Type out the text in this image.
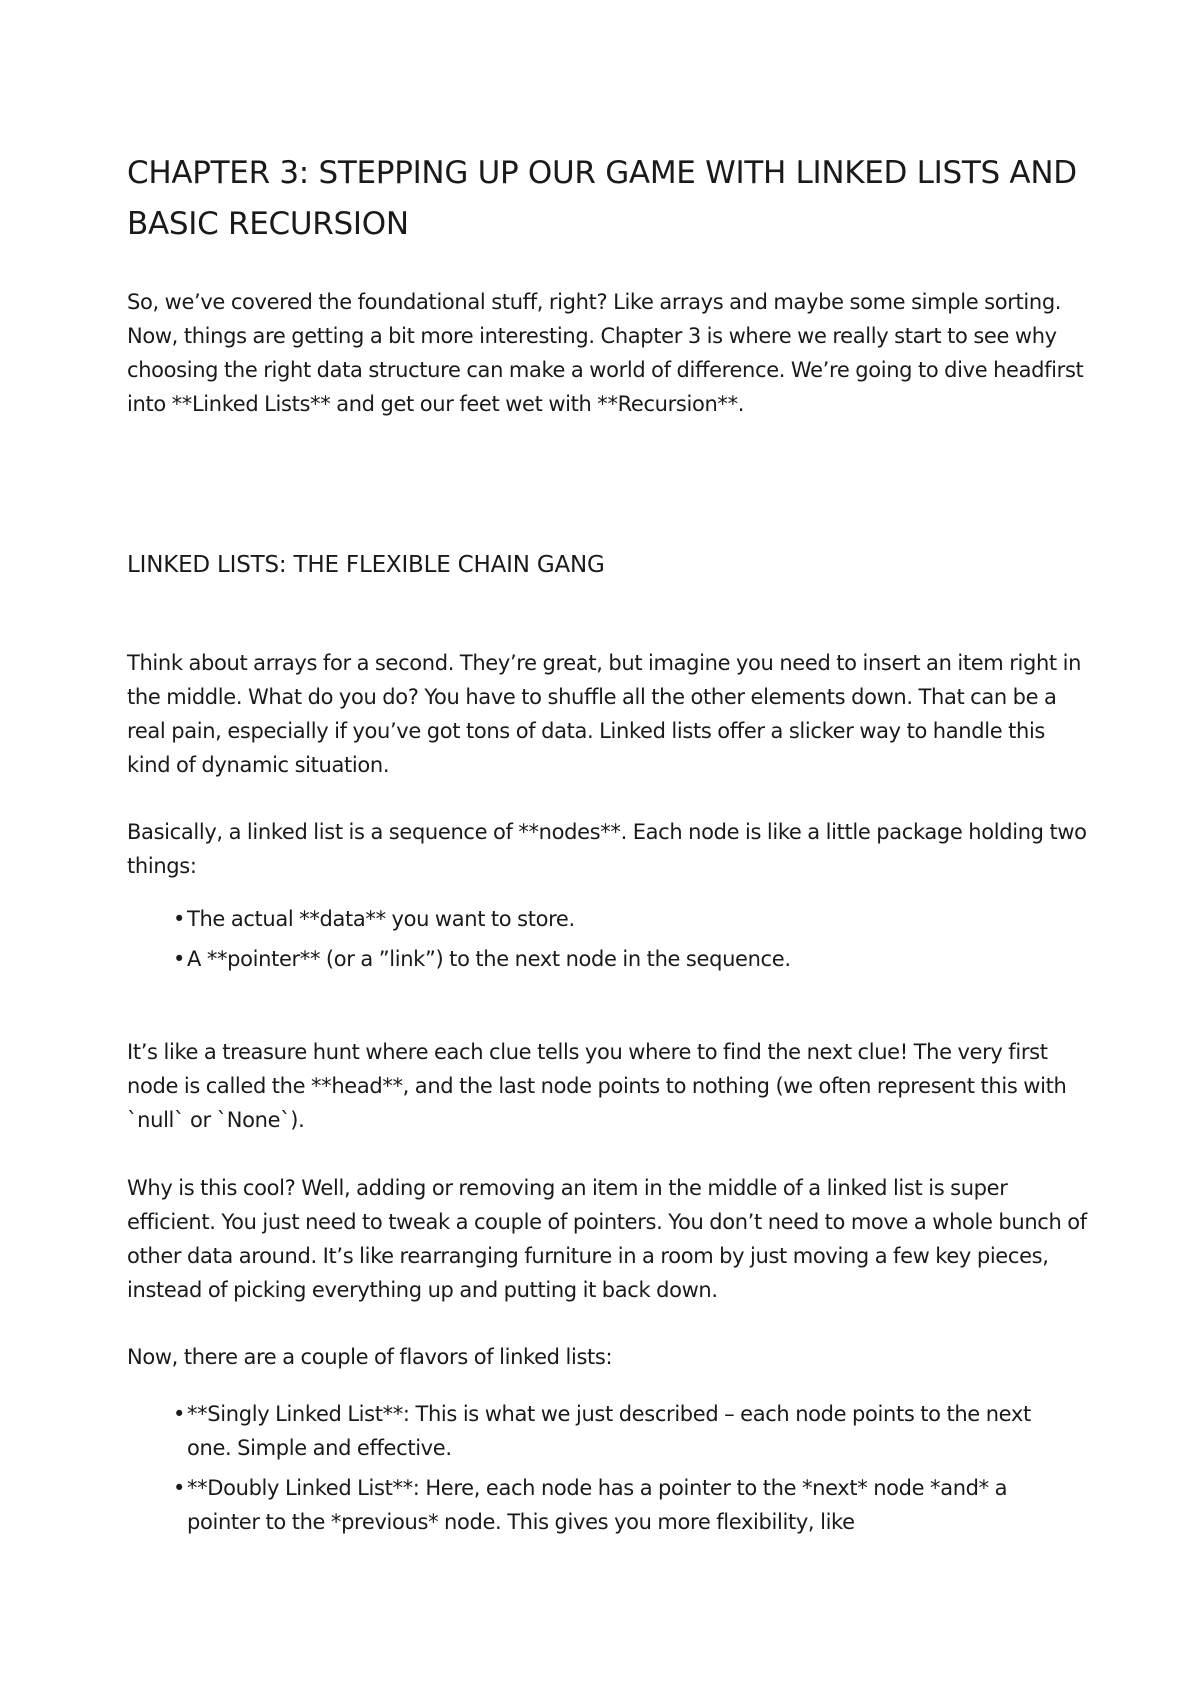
CHAPTER 3: STEPPING UP OUR GAME WITH LINKED LISTS AND BASIC RECURSION

So, we’ve covered the foundational stuff, right? Like arrays and maybe some simple sorting. Now, things are getting a bit more interesting. Chapter 3 is where we really start to see why choosing the right data structure can make a world of difference. We’re going to dive headfirst into **Linked Lists** and get our feet wet with **Recursion**.

LINKED LISTS: THE FLEXIBLE CHAIN GANG

Think about arrays for a second. They’re great, but imagine you need to insert an item right in the middle. What do you do? You have to shuffle all the other elements down. That can be a real pain, especially if you’ve got tons of data. Linked lists offer a slicker way to handle this kind of dynamic situation.

Basically, a linked list is a sequence of **nodes**. Each node is like a little package holding two things:

• The actual **data** you want to store.
• A **pointer** (or a ”link”) to the next node in the sequence.

It’s like a treasure hunt where each clue tells you where to find the next clue! The very first node is called the **head**, and the last node points to nothing (we often represent this with `null` or `None`).

Why is this cool? Well, adding or removing an item in the middle of a linked list is super efficient. You just need to tweak a couple of pointers. You don’t need to move a whole bunch of other data around. It’s like rearranging furniture in a room by just moving a few key pieces, instead of picking everything up and putting it back down.

Now, there are a couple of flavors of linked lists:

• **Singly Linked List**: This is what we just described – each node points to the next one. Simple and effective.
• **Doubly Linked List**: Here, each node has a pointer to the *next* node *and* a pointer to the *previous* node. This gives you more flexibility, like
